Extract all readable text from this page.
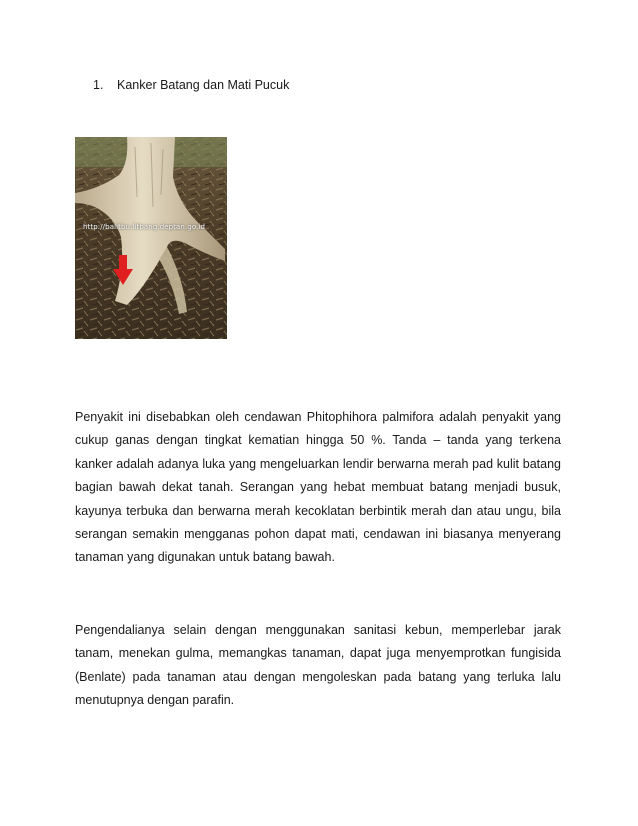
1. Kanker Batang dan Mati Pucuk
http://balitbu.litbang.deptan.go.id

Penyakit ini disebabkan oleh cendawan Phitophihora palmifora adalah penyakit yang cukup ganas dengan tingkat kematian hingga 50 %. Tanda – tanda yang terkena kanker adalah adanya luka yang mengeluarkan lendir berwarna merah pad kulit batang bagian bawah dekat tanah. Serangan yang hebat membuat batang menjadi busuk, kayunya terbuka dan berwarna merah kecoklatan berbintik merah dan atau ungu, bila serangan semakin mengganas pohon dapat mati, cendawan ini biasanya menyerang tanaman yang digunakan untuk batang bawah.

Pengendalianya selain dengan menggunakan sanitasi kebun, memperlebar jarak tanam, menekan gulma, memangkas tanaman, dapat juga menyemprotkan fungisida (Benlate) pada tanaman atau dengan mengoleskan pada batang yang terluka lalu menutupnya dengan parafin.
